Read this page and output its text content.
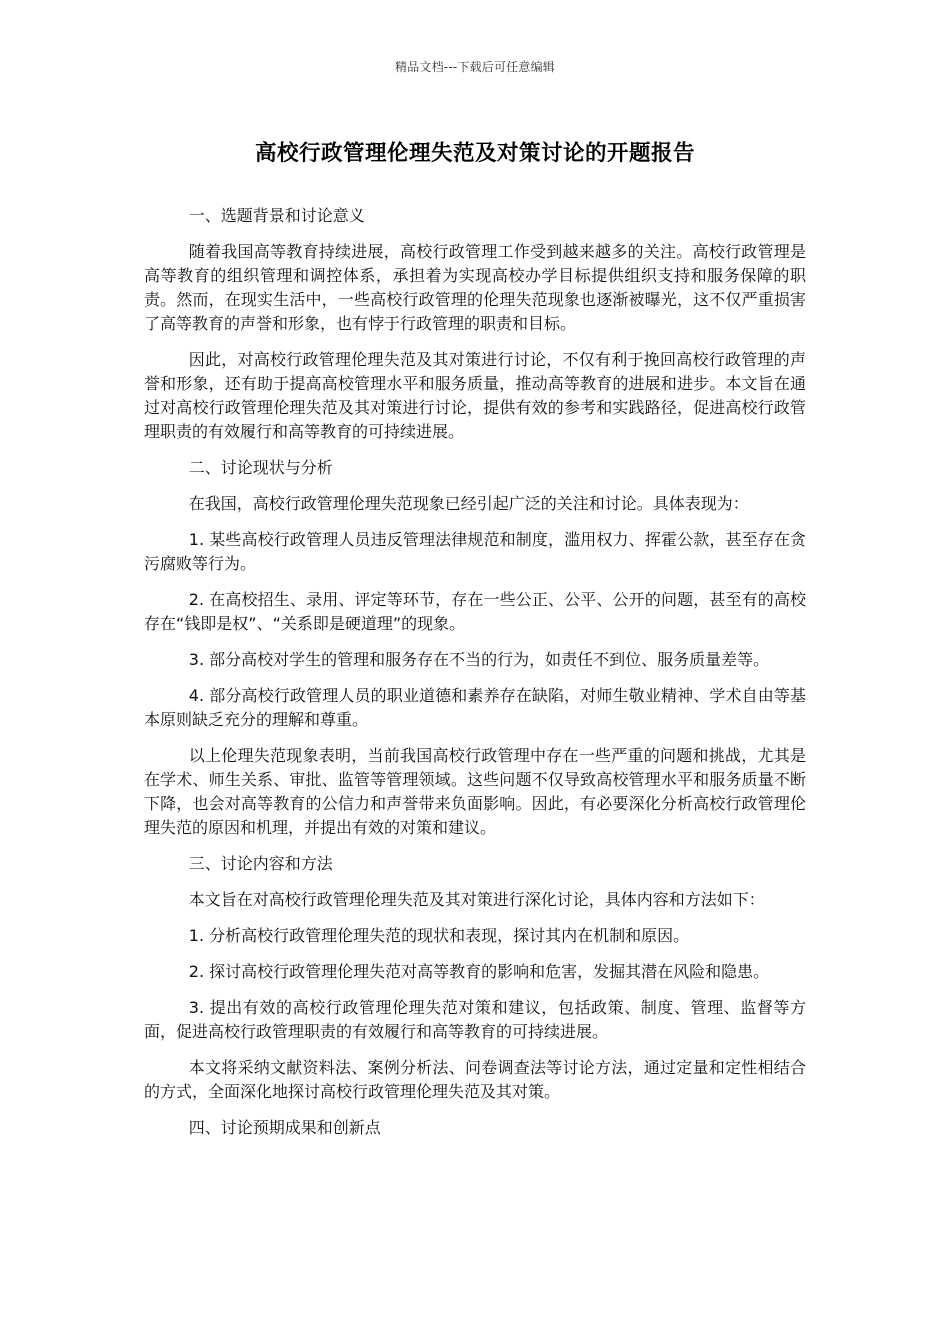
精品文档---下载后可任意编辑
高校行政管理伦理失范及对策讨论的开题报告
一、选题背景和讨论意义

随着我国高等教育持续进展，高校行政管理工作受到越来越多的关注。高校行政管理是高等教育的组织管理和调控体系，承担着为实现高校办学目标提供组织支持和服务保障的职责。然而，在现实生活中，一些高校行政管理的伦理失范现象也逐渐被曝光，这不仅严重损害了高等教育的声誉和形象，也有悖于行政管理的职责和目标。

因此，对高校行政管理伦理失范及其对策进行讨论，不仅有利于挽回高校行政管理的声誉和形象，还有助于提高高校管理水平和服务质量，推动高等教育的进展和进步。本文旨在通过对高校行政管理伦理失范及其对策进行讨论，提供有效的参考和实践路径，促进高校行政管理职责的有效履行和高等教育的可持续进展。

二、讨论现状与分析

在我国，高校行政管理伦理失范现象已经引起广泛的关注和讨论。具体表现为：

1. 某些高校行政管理人员违反管理法律规范和制度，滥用权力、挥霍公款，甚至存在贪污腐败等行为。

2. 在高校招生、录用、评定等环节，存在一些公正、公平、公开的问题，甚至有的高校存在“钱即是权”、“关系即是硬道理”的现象。

3. 部分高校对学生的管理和服务存在不当的行为，如责任不到位、服务质量差等。

4. 部分高校行政管理人员的职业道德和素养存在缺陷，对师生敬业精神、学术自由等基本原则缺乏充分的理解和尊重。

以上伦理失范现象表明，当前我国高校行政管理中存在一些严重的问题和挑战，尤其是在学术、师生关系、审批、监管等管理领域。这些问题不仅导致高校管理水平和服务质量不断下降，也会对高等教育的公信力和声誉带来负面影响。因此，有必要深化分析高校行政管理伦理失范的原因和机理，并提出有效的对策和建议。

三、讨论内容和方法

本文旨在对高校行政管理伦理失范及其对策进行深化讨论，具体内容和方法如下：

1. 分析高校行政管理伦理失范的现状和表现，探讨其内在机制和原因。

2. 探讨高校行政管理伦理失范对高等教育的影响和危害，发掘其潜在风险和隐患。

3. 提出有效的高校行政管理伦理失范对策和建议，包括政策、制度、管理、监督等方面，促进高校行政管理职责的有效履行和高等教育的可持续进展。

本文将采纳文献资料法、案例分析法、问卷调查法等讨论方法，通过定量和定性相结合的方式，全面深化地探讨高校行政管理伦理失范及其对策。

四、讨论预期成果和创新点
